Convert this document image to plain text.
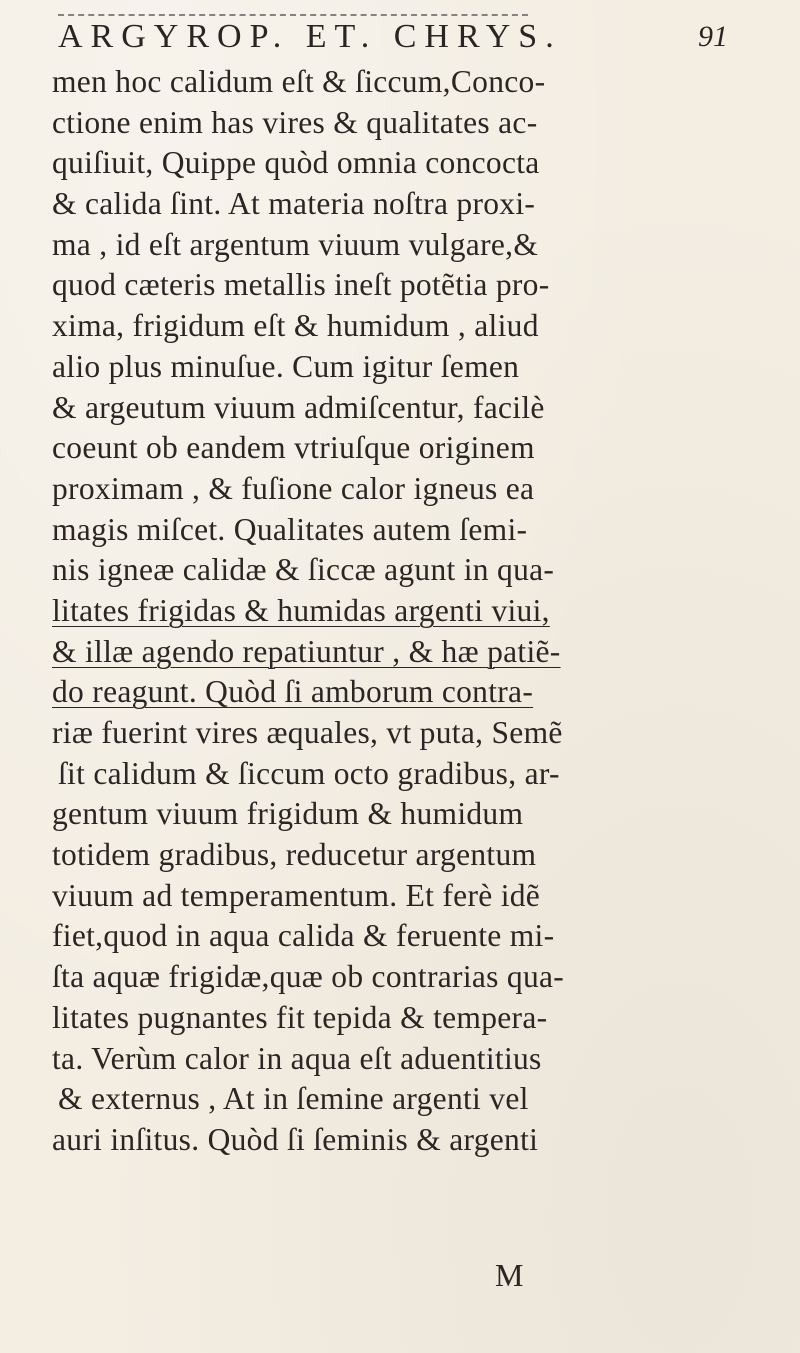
ARGYROP. ET. CHRYS.	91
men hoc calidum eſt & ſiccum,Conco-
ctione enim has vires & qualitates ac-
quiſiuit, Quippe quòd omnia concocta
& calida ſint. At materia noſtra proxi-
ma , id eſt argentum viuum vulgare,&
quod cæteris metallis ineſt potẽtia pro-
xima, frigidum eſt & humidum , aliud
alio plus minuſue. Cum igitur ſemen
& argeutum viuum admiſcentur, facilè
coeunt ob eandem vtriuſque originem
proximam , & fuſione calor igneus ea
magis miſcet. Qualitates autem ſemi-
nis igneæ calidæ & ſiccæ agunt in qua-
litates frigidas & humidas argenti viui,
& illæ agendo repatiuntur , & hæ patiẽ-
do reagunt. Quòd ſi amborum contra-
riæ fuerint vires æquales, vt puta, Semẽ
ſit calidum & ſiccum octo gradibus, ar-
gentum viuum frigidum & humidum
totidem gradibus, reducetur argentum
viuum ad temperamentum. Et ferè idẽ
fiet,quod in aqua calida & feruente mi-
ſta aquæ frigidæ,quæ ob contrarias qua-
litates pugnantes fit tepida & tempera-
ta. Verùm calor in aqua eſt aduentitius
& externus , At in ſemine argenti vel
auri inſitus. Quòd ſi ſeminis & argenti
M
